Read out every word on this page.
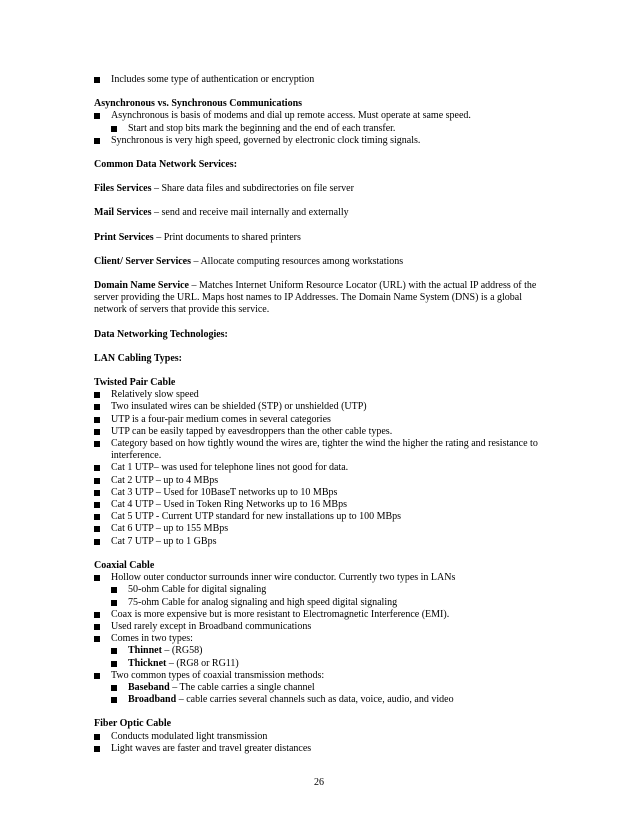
Includes some type of authentication or encryption
Asynchronous vs. Synchronous Communications
Asynchronous is basis of modems and dial up remote access. Must operate at same speed.
Start and stop bits mark the beginning and the end of each transfer.
Synchronous is very high speed, governed by electronic clock timing signals.
Common Data Network Services:
Files Services – Share data files and subdirectories on file server
Mail Services – send and receive mail internally and externally
Print Services – Print documents to shared printers
Client/ Server Services – Allocate computing resources among workstations
Domain Name Service – Matches Internet Uniform Resource Locator (URL) with the actual IP address of the server providing the URL. Maps host names to IP Addresses. The Domain Name System (DNS) is a global network of servers that provide this service.
Data Networking Technologies:
LAN Cabling Types:
Twisted Pair Cable
Relatively slow speed
Two insulated wires can be shielded (STP) or unshielded (UTP)
UTP is a four-pair medium comes in several categories
UTP can be easily tapped by eavesdroppers than the other cable types.
Category based on how tightly wound the wires are, tighter the wind the higher the rating and resistance to interference.
Cat 1 UTP– was used for telephone lines not good for data.
Cat 2 UTP – up to 4 MBps
Cat 3 UTP – Used for 10BaseT networks up to 10 MBps
Cat 4 UTP – Used in Token Ring Networks up to 16 MBps
Cat 5 UTP - Current UTP standard for new installations up to 100 MBps
Cat 6 UTP – up to 155 MBps
Cat 7 UTP – up to 1 GBps
Coaxial Cable
Hollow outer conductor surrounds inner wire conductor. Currently two types in LANs
50-ohm Cable for digital signaling
75-ohm Cable for analog signaling and high speed digital signaling
Coax is more expensive but is more resistant to Electromagnetic Interference (EMI).
Used rarely except in Broadband communications
Comes in two types:
Thinnet – (RG58)
Thicknet – (RG8 or RG11)
Two common types of coaxial transmission methods:
Baseband – The cable carries a single channel
Broadband – cable carries several channels such as data, voice, audio, and video
Fiber Optic Cable
Conducts modulated light transmission
Light waves are faster and travel greater distances
26
